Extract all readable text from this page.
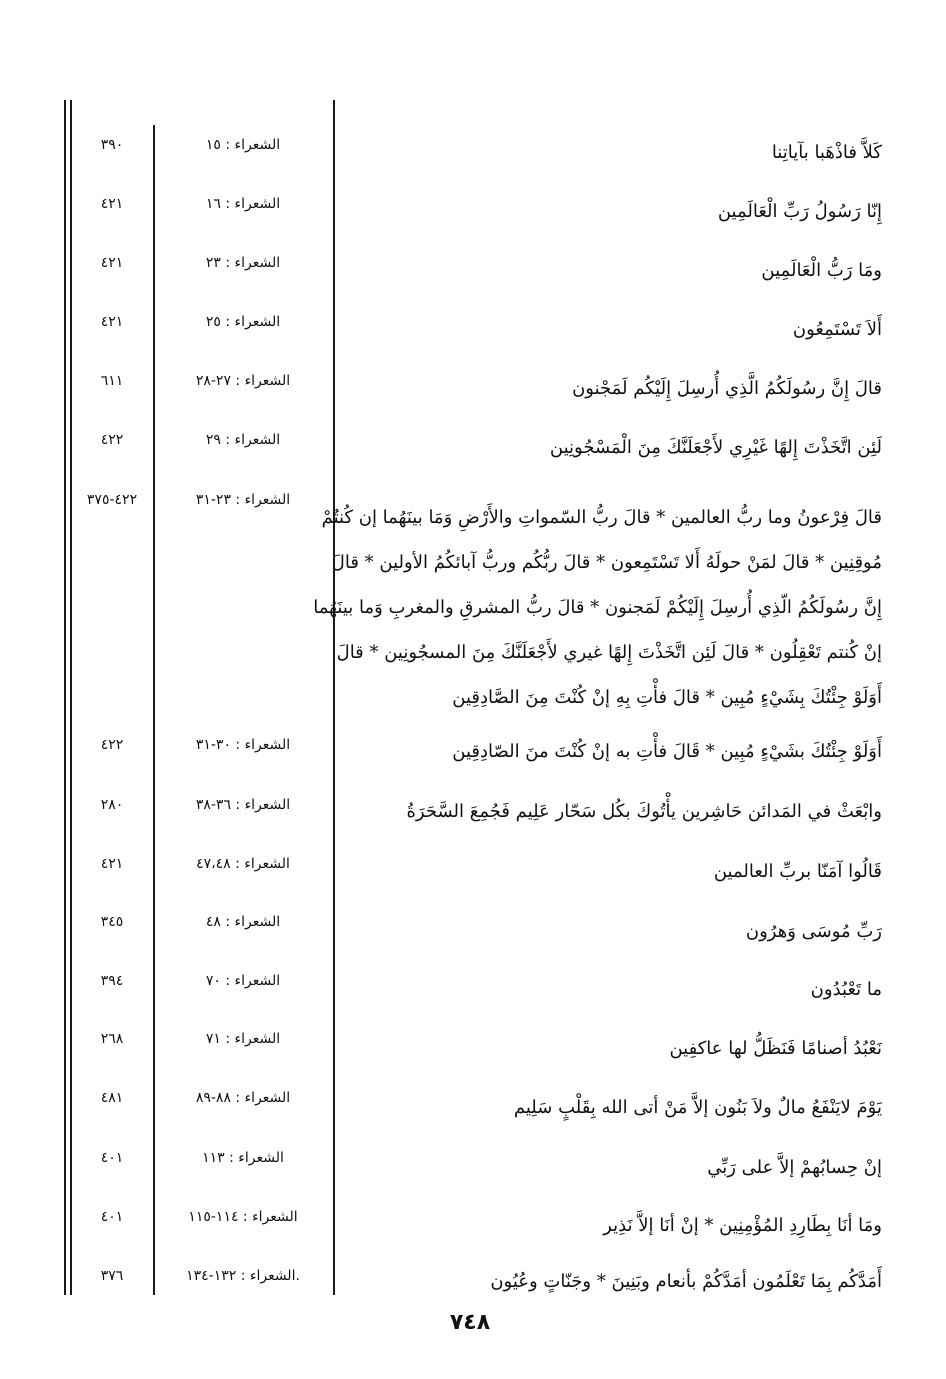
كَلاَّ فاذْهَبا بآياتِنا
الشعراء : ١٥
٣٩٠
إِنّا رَسُولُ رَبِّ الْعَالَمِين
الشعراء : ١٦
٤٢١
ومَا رَبُّ الْعَالَمِين
الشعراء : ٢٣
٤٢١
أَلاَ تَسْتَمِعُون
الشعراء : ٢٥
٤٢١
قالَ إِنَّ رسُولَكُمُ الَّذِي أُرسِلَ إِلَيْكُم لَمَجْنون
الشعراء : ٢٧-٢٨
٦١١
لَئِن اتَّخَذْتَ إِلهًا غَيْرِي لأَجْعَلَنَّكَ مِنَ الْمَسْجُونِين
الشعراء : ٢٩
٤٢٢
قالَ فِرْعونُ وما ربُّ العالمين * قالَ ربُّ السّمواتِ والأَرْضِ وَمَا بينَهُما إن كُنتُمْ
مُوقِنِين * قالَ لمَنْ حولَهُ أَلا تَسْتَمِعون * قالَ ربُّكُم وربُّ آبائكُمُ الأولين * قالَ
إِنَّ رسُولَكُمُ الّذِي أُرسِلَ إِلَيْكُمْ لَمَجنون * قالَ ربُّ المشرقِ والمغربِ وَما بينَهُما
إنْ كُنتم تَعْقِلُون * قالَ لَئِن اتَّخَذْتَ إِلهًا غيري لأَجْعَلَنَّكَ مِنَ المسجُونِين * قالَ
أَوَلَوْ جِئْتُكَ بِشَيْءٍ مُبِين * قالَ فأْتِ بِهِ إنْ كُنْتَ مِنَ الصَّادِقِين
الشعراء : ٢٣-٣١
٤٢٢-٣٧٥
أَوَلَوْ جِئْتُكَ بشَيْءٍ مُبِين * قَالَ فأْتِ به إنْ كُنْتَ منَ الصّادِقِين
الشعراء : ٣٠-٣١
٤٢٢
وابْعَثْ في المَدائن حَاشِرين يأْتُوكَ بكُل سَحّار عَلِيم فَجُمِعَ السَّحَرَةُ
الشعراء : ٣٦-٣٨
٢٨٠
قَالُوا آمَنّا بربِّ العالمين
الشعراء : ٤٧،٤٨
٤٢١
رَبِّ مُوسَى وَهرُون
الشعراء : ٤٨
٣٤٥
ما تَعْبُدُون
الشعراء : ٧٠
٣٩٤
نَعْبُدُ أصنامًا فَنَظَلُّ لها عاكفِين
الشعراء : ٧١
٢٦٨
يَوْمَ لايَنْفَعُ مالٌ ولاَ بَنُون إلاَّ مَنْ أتى الله بِقَلْبٍ سَلِيم
الشعراء : ٨٨-٨٩
٤٨١
إنْ حِسابُهمْ إلاَّ على رَبِّي
الشعراء : ١١٣
٤٠١
ومَا أنَا بِطَارِدِ المُؤْمِنِين * إنْ أنَا إلاَّ نَذِير
الشعراء : ١١٤-١١٥
٤٠١
أَمَدَّكُم بِمَا تَعْلَمُون أمَدَّكُمْ بأنعام وبَنِينَ * وجَنّاتٍ وعُيُون
.الشعراء : ١٣٢-١٣٤
٣٧٦
٧٤٨
